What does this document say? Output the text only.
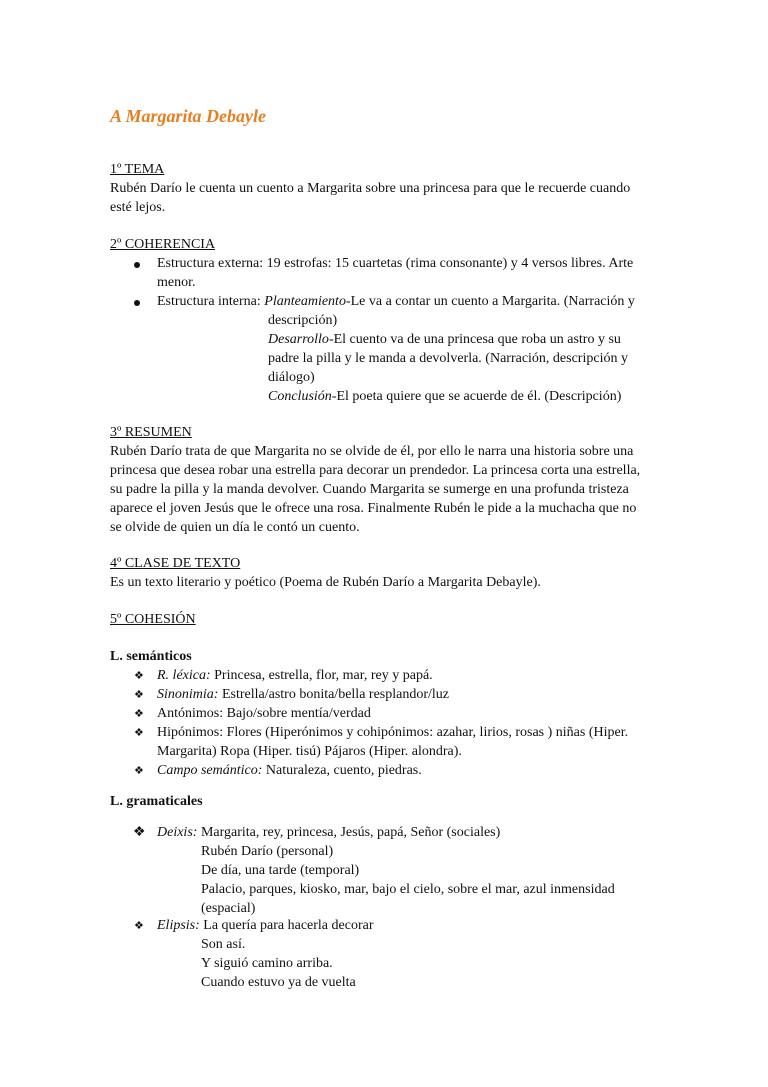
A Margarita Debayle
1º TEMA
Rubén Darío le cuenta un cuento a Margarita sobre una princesa para que le recuerde cuando
esté lejos.
2º COHERENCIA
Estructura externa: 19 estrofas: 15 cuartetas (rima consonante) y 4 versos libres. Arte
menor.
Estructura interna: Planteamiento-Le va a contar un cuento a Margarita. (Narración y
descripción)
Desarrollo-El cuento va de una princesa que roba un astro y su
padre la pilla y le manda a devolverla. (Narración, descripción y
diálogo)
Conclusión-El poeta quiere que se acuerde de él. (Descripción)
3º RESUMEN
Rubén Darío trata de que Margarita no se olvide de él, por ello le narra una historia sobre una
princesa que desea robar una estrella para decorar un prendedor. La princesa corta una estrella,
su padre la pilla y la manda devolver. Cuando Margarita se sumerge en una profunda tristeza
aparece el joven Jesús que le ofrece una rosa. Finalmente Rubén le pide a la muchacha que no
se olvide de quien un día le contó un cuento.
4º CLASE DE TEXTO
Es un texto literario y poético (Poema de Rubén Darío a Margarita Debayle).
5º COHESIÓN
L. semánticos
❖ R. léxica: Princesa, estrella, flor, mar, rey y papá.
❖ Sinonimia: Estrella/astro bonita/bella resplandor/luz
❖ Antónimos: Bajo/sobre mentía/verdad
❖ Hipónimos: Flores (Hiperónimos y cohipónimos: azahar, lirios, rosas ) niñas (Hiper.
Margarita) Ropa (Hiper. tisú) Pájaros (Hiper. alondra).
❖ Campo semántico: Naturaleza, cuento, piedras.
L. gramaticales
❖ Deixis: Margarita, rey, princesa, Jesús, papá, Señor (sociales)
Rubén Darío (personal)
De día, una tarde (temporal)
Palacio, parques, kiosko, mar, bajo el cielo, sobre el mar, azul inmensidad
(espacial)
❖ Elipsis: La quería para hacerla decorar
Son así.
Y siguió camino arriba.
Cuando estuvo ya de vuelta
